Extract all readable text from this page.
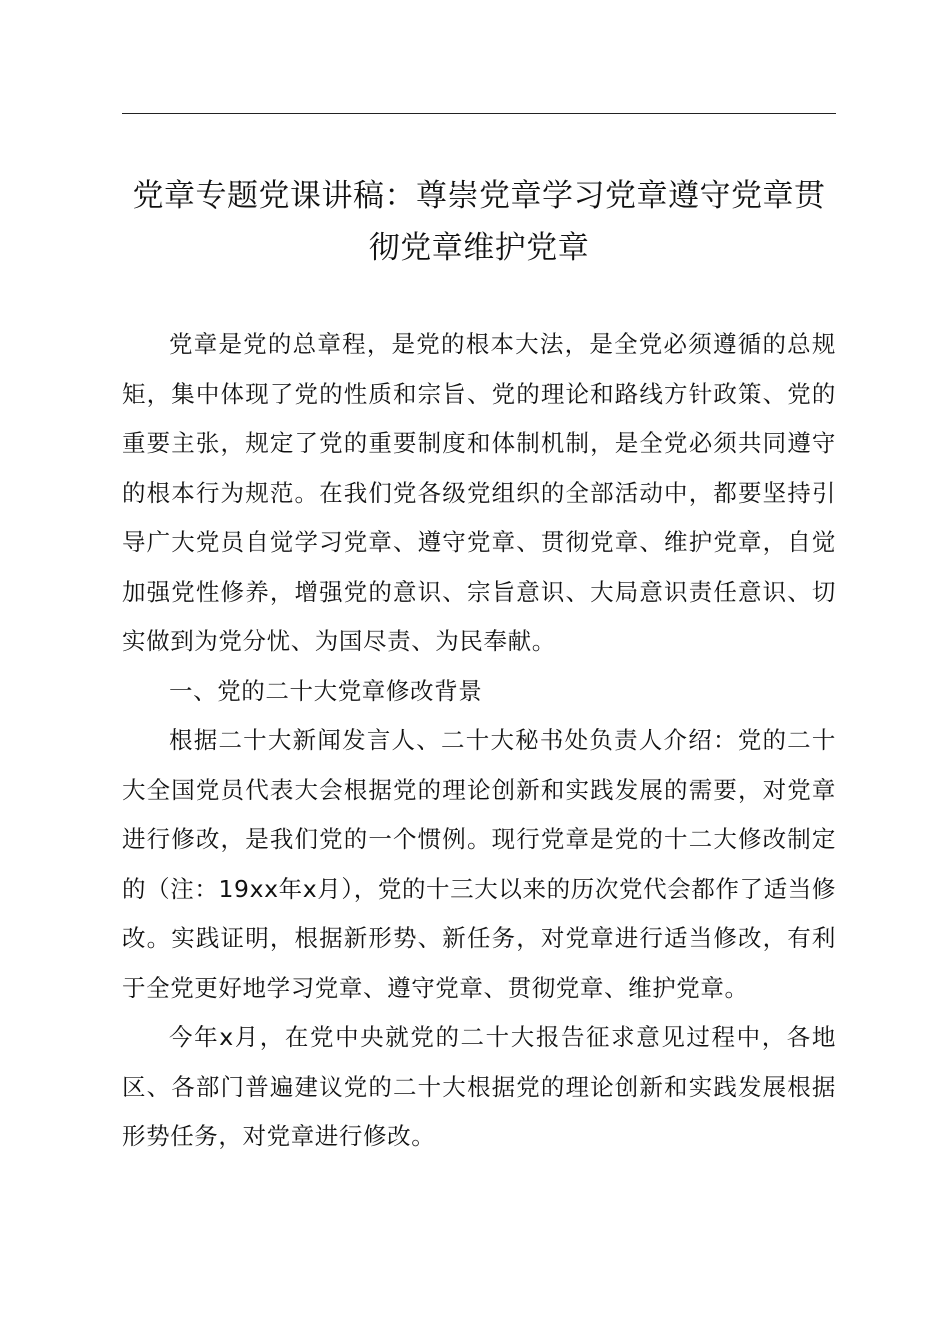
党章专题党课讲稿：尊崇党章学习党章遵守党章贯彻党章维护党章

党章是党的总章程，是党的根本大法，是全党必须遵循的总规矩，集中体现了党的性质和宗旨、党的理论和路线方针政策、党的重要主张，规定了党的重要制度和体制机制，是全党必须共同遵守的根本行为规范。在我们党各级党组织的全部活动中，都要坚持引导广大党员自觉学习党章、遵守党章、贯彻党章、维护党章，自觉加强党性修养，增强党的意识、宗旨意识、大局意识责任意识、切实做到为党分忧、为国尽责、为民奉献。

一、党的二十大党章修改背景

根据二十大新闻发言人、二十大秘书处负责人介绍：党的二十大全国党员代表大会根据党的理论创新和实践发展的需要，对党章进行修改，是我们党的一个惯例。现行党章是党的十二大修改制定的（注：19xx年x月），党的十三大以来的历次党代会都作了适当修改。实践证明，根据新形势、新任务，对党章进行适当修改，有利于全党更好地学习党章、遵守党章、贯彻党章、维护党章。

今年x月，在党中央就党的二十大报告征求意见过程中，各地区、各部门普遍建议党的二十大根据党的理论创新和实践发展根据形势任务，对党章进行修改。
